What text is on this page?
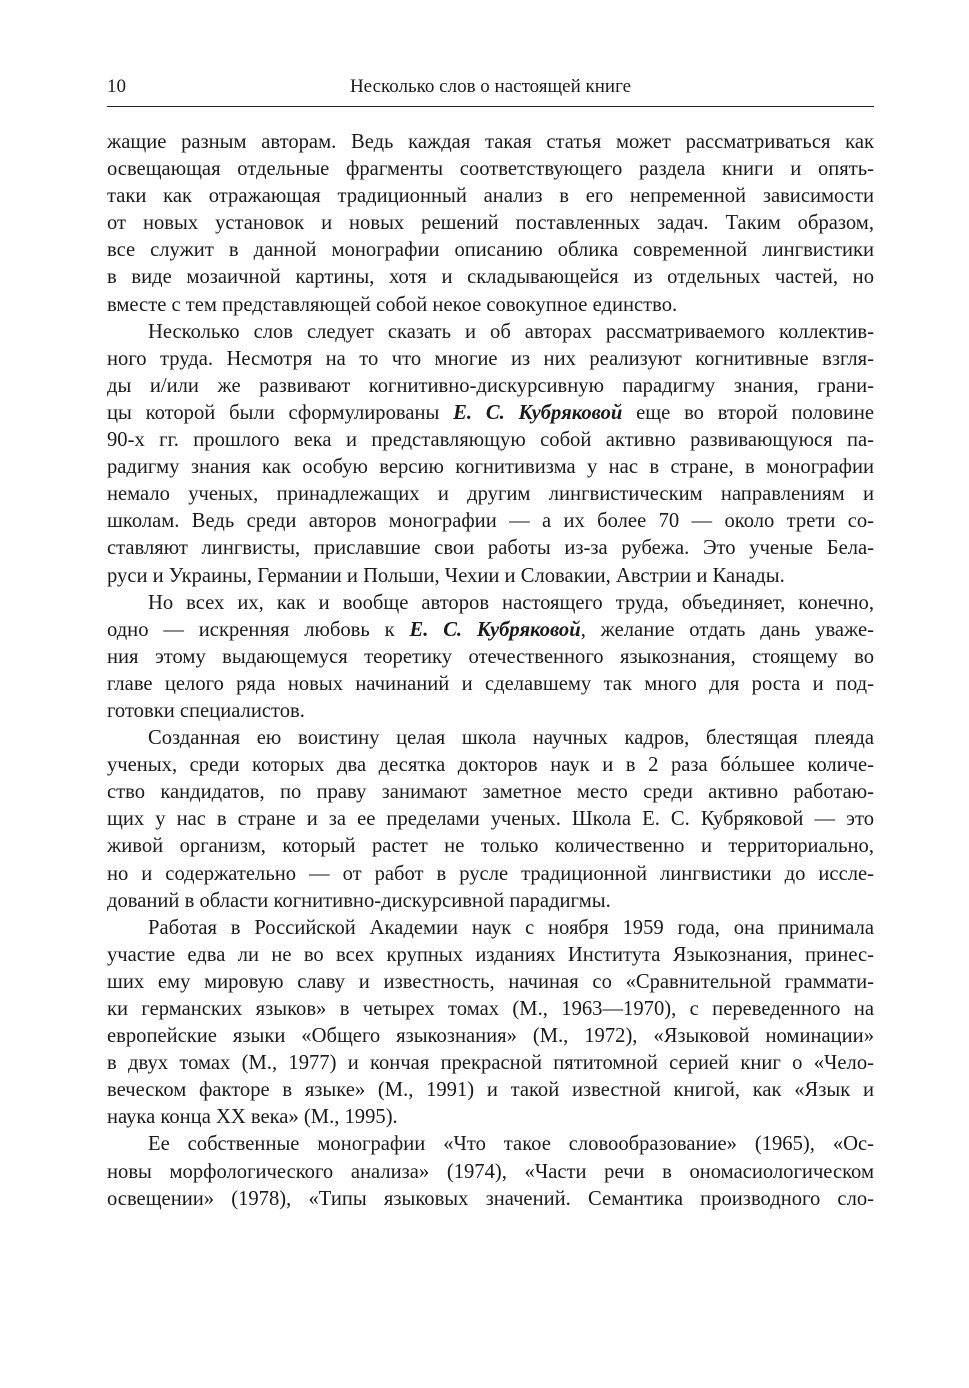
10	Несколько слов о настоящей книге

жащие разным авторам. Ведь каждая такая статья может рассматриваться как
освещающая отдельные фрагменты соответствующего раздела книги и опять-
таки как отражающая традиционный анализ в его непременной зависимости
от новых установок и новых решений поставленных задач. Таким образом,
все служит в данной монографии описанию облика современной лингвистики
в виде мозаичной картины, хотя и складывающейся из отдельных частей, но
вместе с тем представляющей собой некое совокупное единство.

Несколько слов следует сказать и об авторах рассматриваемого коллектив-
ного труда. Несмотря на то что многие из них реализуют когнитивные взгля-
ды и/или же развивают когнитивно-дискурсивную парадигму знания, грани-
цы которой были сформулированы Е. С. Кубряковой еще во второй половине
90-х гг. прошлого века и представляющую собой активно развивающуюся па-
радигму знания как особую версию когнитивизма у нас в стране, в монографии
немало ученых, принадлежащих и другим лингвистическим направлениям и
школам. Ведь среди авторов монографии — а их более 70 — около трети со-
ставляют лингвисты, приславшие свои работы из-за рубежа. Это ученые Бела-
руси и Украины, Германии и Польши, Чехии и Словакии, Австрии и Канады.

Но всех их, как и вообще авторов настоящего труда, объединяет, конечно,
одно — искренняя любовь к Е. С. Кубряковой, желание отдать дань уваже-
ния этому выдающемуся теоретику отечественного языкознания, стоящему во
главе целого ряда новых начинаний и сделавшему так много для роста и под-
готовки специалистов.

Созданная ею воистину целая школа научных кадров, блестящая плеяда
ученых, среди которых два десятка докторов наук и в 2 раза бóльшее количе-
ство кандидатов, по праву занимают заметное место среди активно работаю-
щих у нас в стране и за ее пределами ученых. Школа Е. С. Кубряковой — это
живой организм, который растет не только количественно и территориально,
но и содержательно — от работ в русле традиционной лингвистики до иссле-
дований в области когнитивно-дискурсивной парадигмы.

Работая в Российской Академии наук с ноября 1959 года, она принимала
участие едва ли не во всех крупных изданиях Института Языкознания, принес-
ших ему мировую славу и известность, начиная со «Сравнительной граммати-
ки германских языков» в четырех томах (М., 1963—1970), с переведенного на
европейские языки «Общего языкознания» (М., 1972), «Языковой номинации»
в двух томах (М., 1977) и кончая прекрасной пятитомной серией книг о «Чело-
веческом факторе в языке» (М., 1991) и такой известной книгой, как «Язык и
наука конца XX века» (М., 1995).

Ее собственные монографии «Что такое словообразование» (1965), «Ос-
новы морфологического анализа» (1974), «Части речи в ономасиологическом
освещении» (1978), «Типы языковых значений. Семантика производного сло-
